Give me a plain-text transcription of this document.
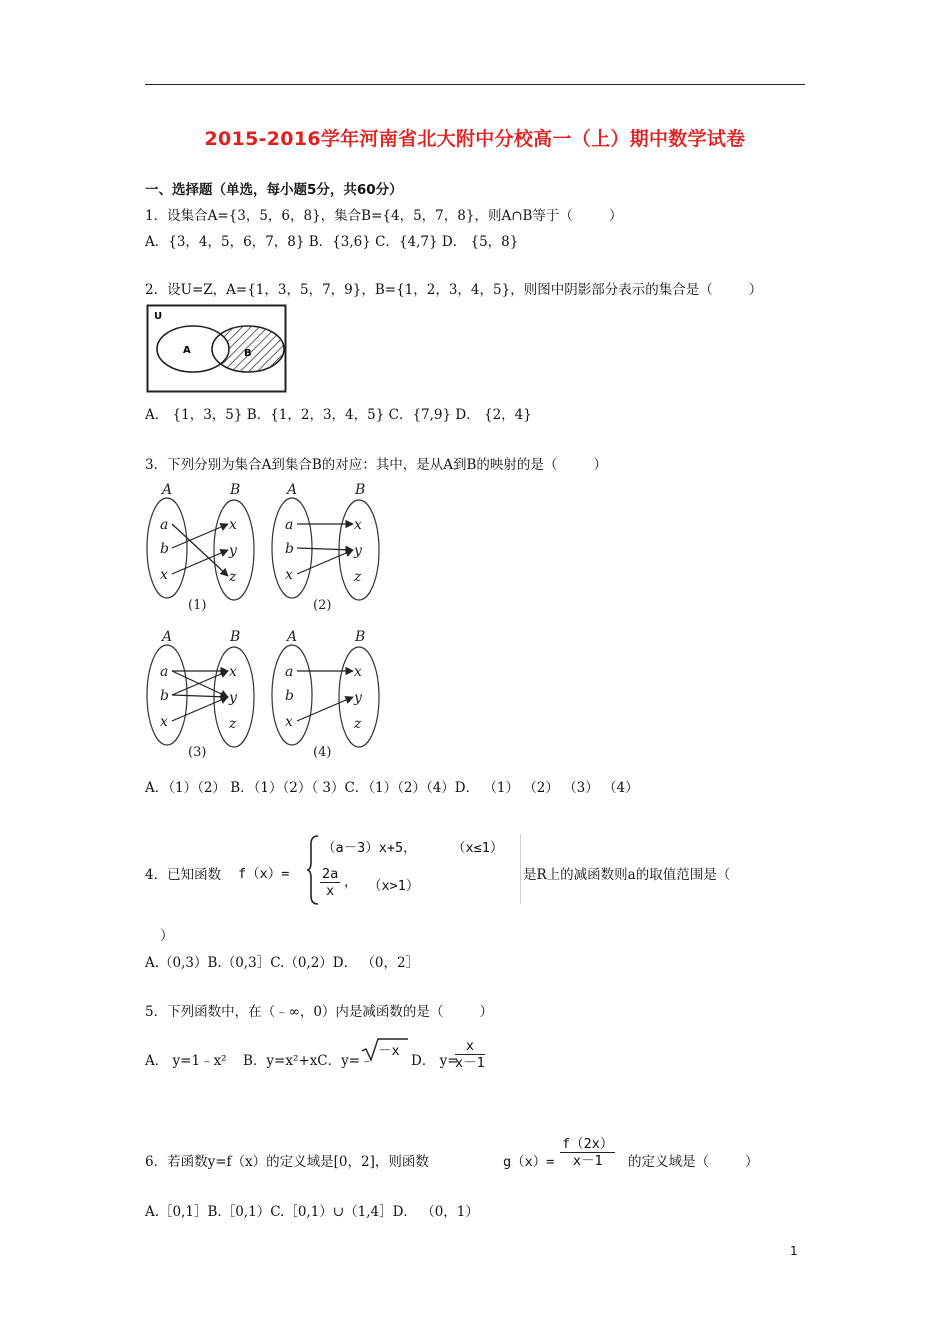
2015-2016学年河南省北大附中分校高一（上）期中数学试卷
一、选择题（单选，每小题5分，共60分）
1．设集合A={3，5，6，8}，集合B={4，5，7，8}，则A∩B等于（	）
A．{3，4，5，6，7，8} B．{3,6} C．{4,7} D． {5，8}
2．设U=Z，A={1，3，5，7，9}，B={1，2，3，4，5}，则图中阴影部分表示的集合是（	）
U
A	B
A． {1，3，5} B．{1，2，3，4，5} C．{7,9} D． {2，4}
3．下列分别为集合A到集合B的对应：其中，是从A到B的映射的是（	）
A	B
a
b
x
x
y
z
(1)
A	B
a
b
x
x
y
z
(2)
A	B
a
b
x
x
y
z
(3)
A	B
a
b
x
x
y
z
(4)
A．（1）（2） B．（1）（2）（ 3）C．（1）（2）（4）D． （1） （2） （3） （4）
4．已知函数 f（x）=
（a－3）x+5，	（x≤1）
$\frac{2a}{x}$ ， （x>1）
是R上的减函数则a的取值范围是（
）
A.（0,3）B.（0,3］C.（0,2）D． （0，2］
5．下列函数中，在（﹣∞，0）内是减函数的是（	）
A． y=1﹣x² B．y=x²+xC．y=﹣
－x
D． y=
$\frac{x}{x-1}$
6．若函数y=f（x）的定义域是[0，2]，则函数	$g(x)= \frac{f(2x)}{x-1}$ 的定义域是（	）
A.［0,1］B.［0,1）C.［0,1）∪（1,4］D． （0，1）
1
